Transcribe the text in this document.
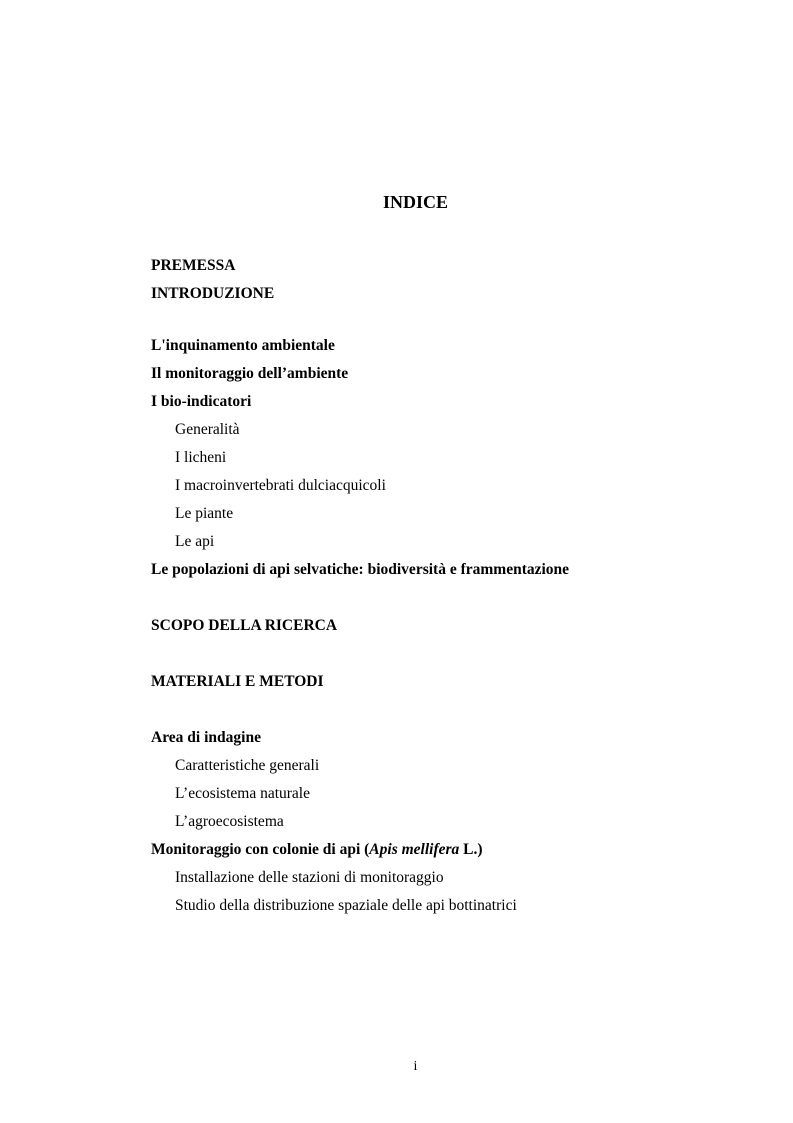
INDICE
PREMESSA
INTRODUZIONE
L'inquinamento ambientale
Il monitoraggio dell’ambiente
I bio-indicatori
Generalità
I licheni
I macroinvertebrati dulciacquicoli
Le piante
Le api
Le popolazioni di api selvatiche: biodiversità e frammentazione
SCOPO DELLA RICERCA
MATERIALI E METODI
Area di indagine
Caratteristiche generali
L’ecosistema naturale
L’agroecosistema
Monitoraggio con colonie di api (Apis mellifera L.)
Installazione delle stazioni di monitoraggio
Studio della distribuzione spaziale delle api bottinatrici
i
